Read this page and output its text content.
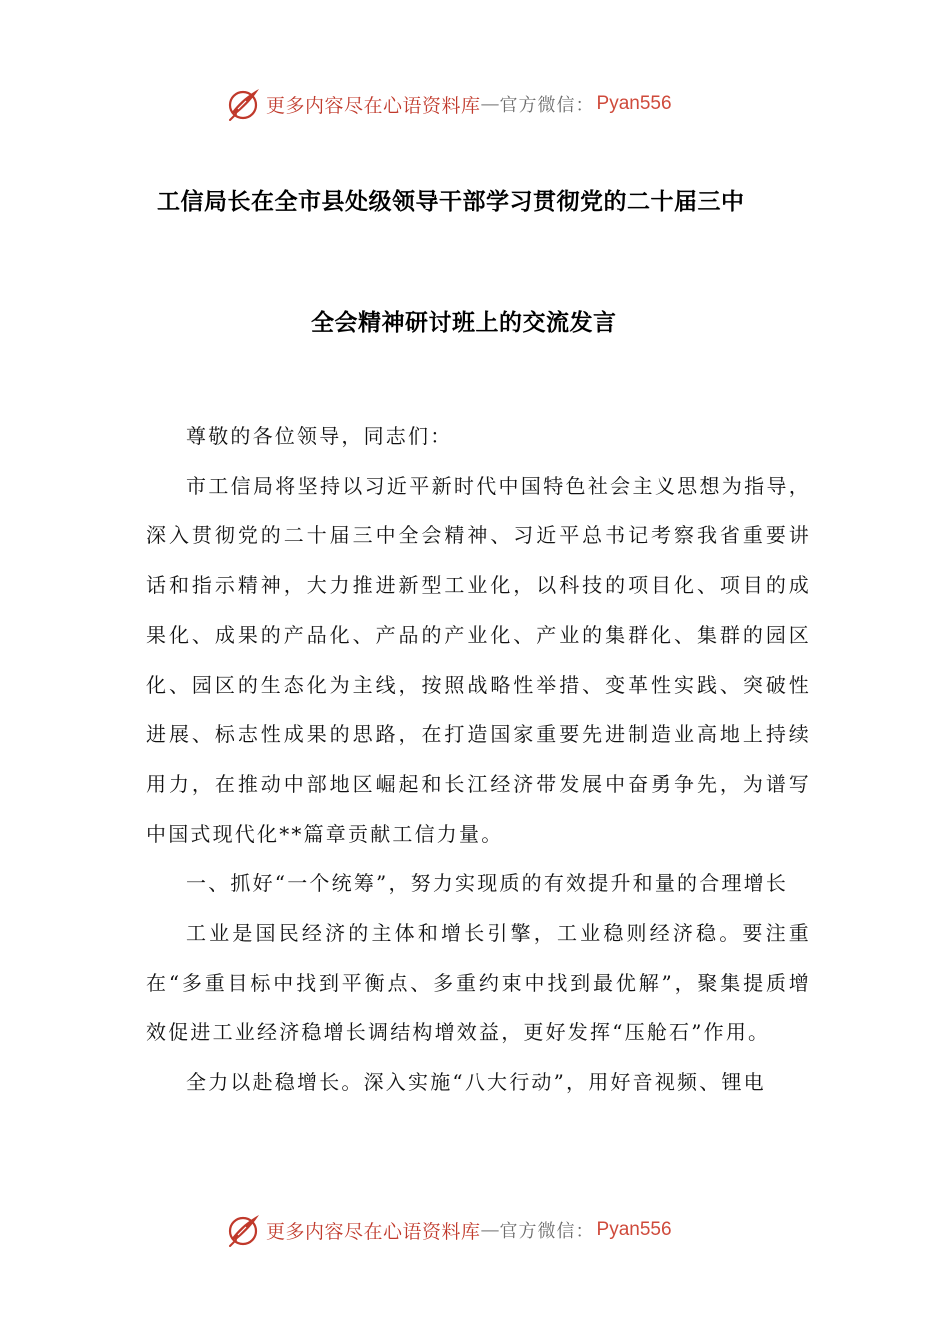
更多内容尽在心语资料库 — 官方微信： Pyan556
工信局长在全市县处级领导干部学习贯彻党的二十届三中
全会精神研讨班上的交流发言

尊敬的各位领导，同志们：

市工信局将坚持以习近平新时代中国特色社会主义思想为指导，深入贯彻党的二十届三中全会精神、习近平总书记考察我省重要讲话和指示精神，大力推进新型工业化，以科技的项目化、项目的成果化、成果的产品化、产品的产业化、产业的集群化、集群的园区化、园区的生态化为主线，按照战略性举措、变革性实践、突破性进展、标志性成果的思路，在打造国家重要先进制造业高地上持续用力，在推动中部地区崛起和长江经济带发展中奋勇争先，为谱写中国式现代化**篇章贡献工信力量。

一、抓好“一个统筹”，努力实现质的有效提升和量的合理增长

工业是国民经济的主体和增长引擎，工业稳则经济稳。要注重在“多重目标中找到平衡点、多重约束中找到最优解”，聚集提质增效促进工业经济稳增长调结构增效益，更好发挥“压舱石”作用。

全力以赴稳增长。深入实施“八大行动”，用好音视频、锂电

更多内容尽在心语资料库 — 官方微信： Pyan556
